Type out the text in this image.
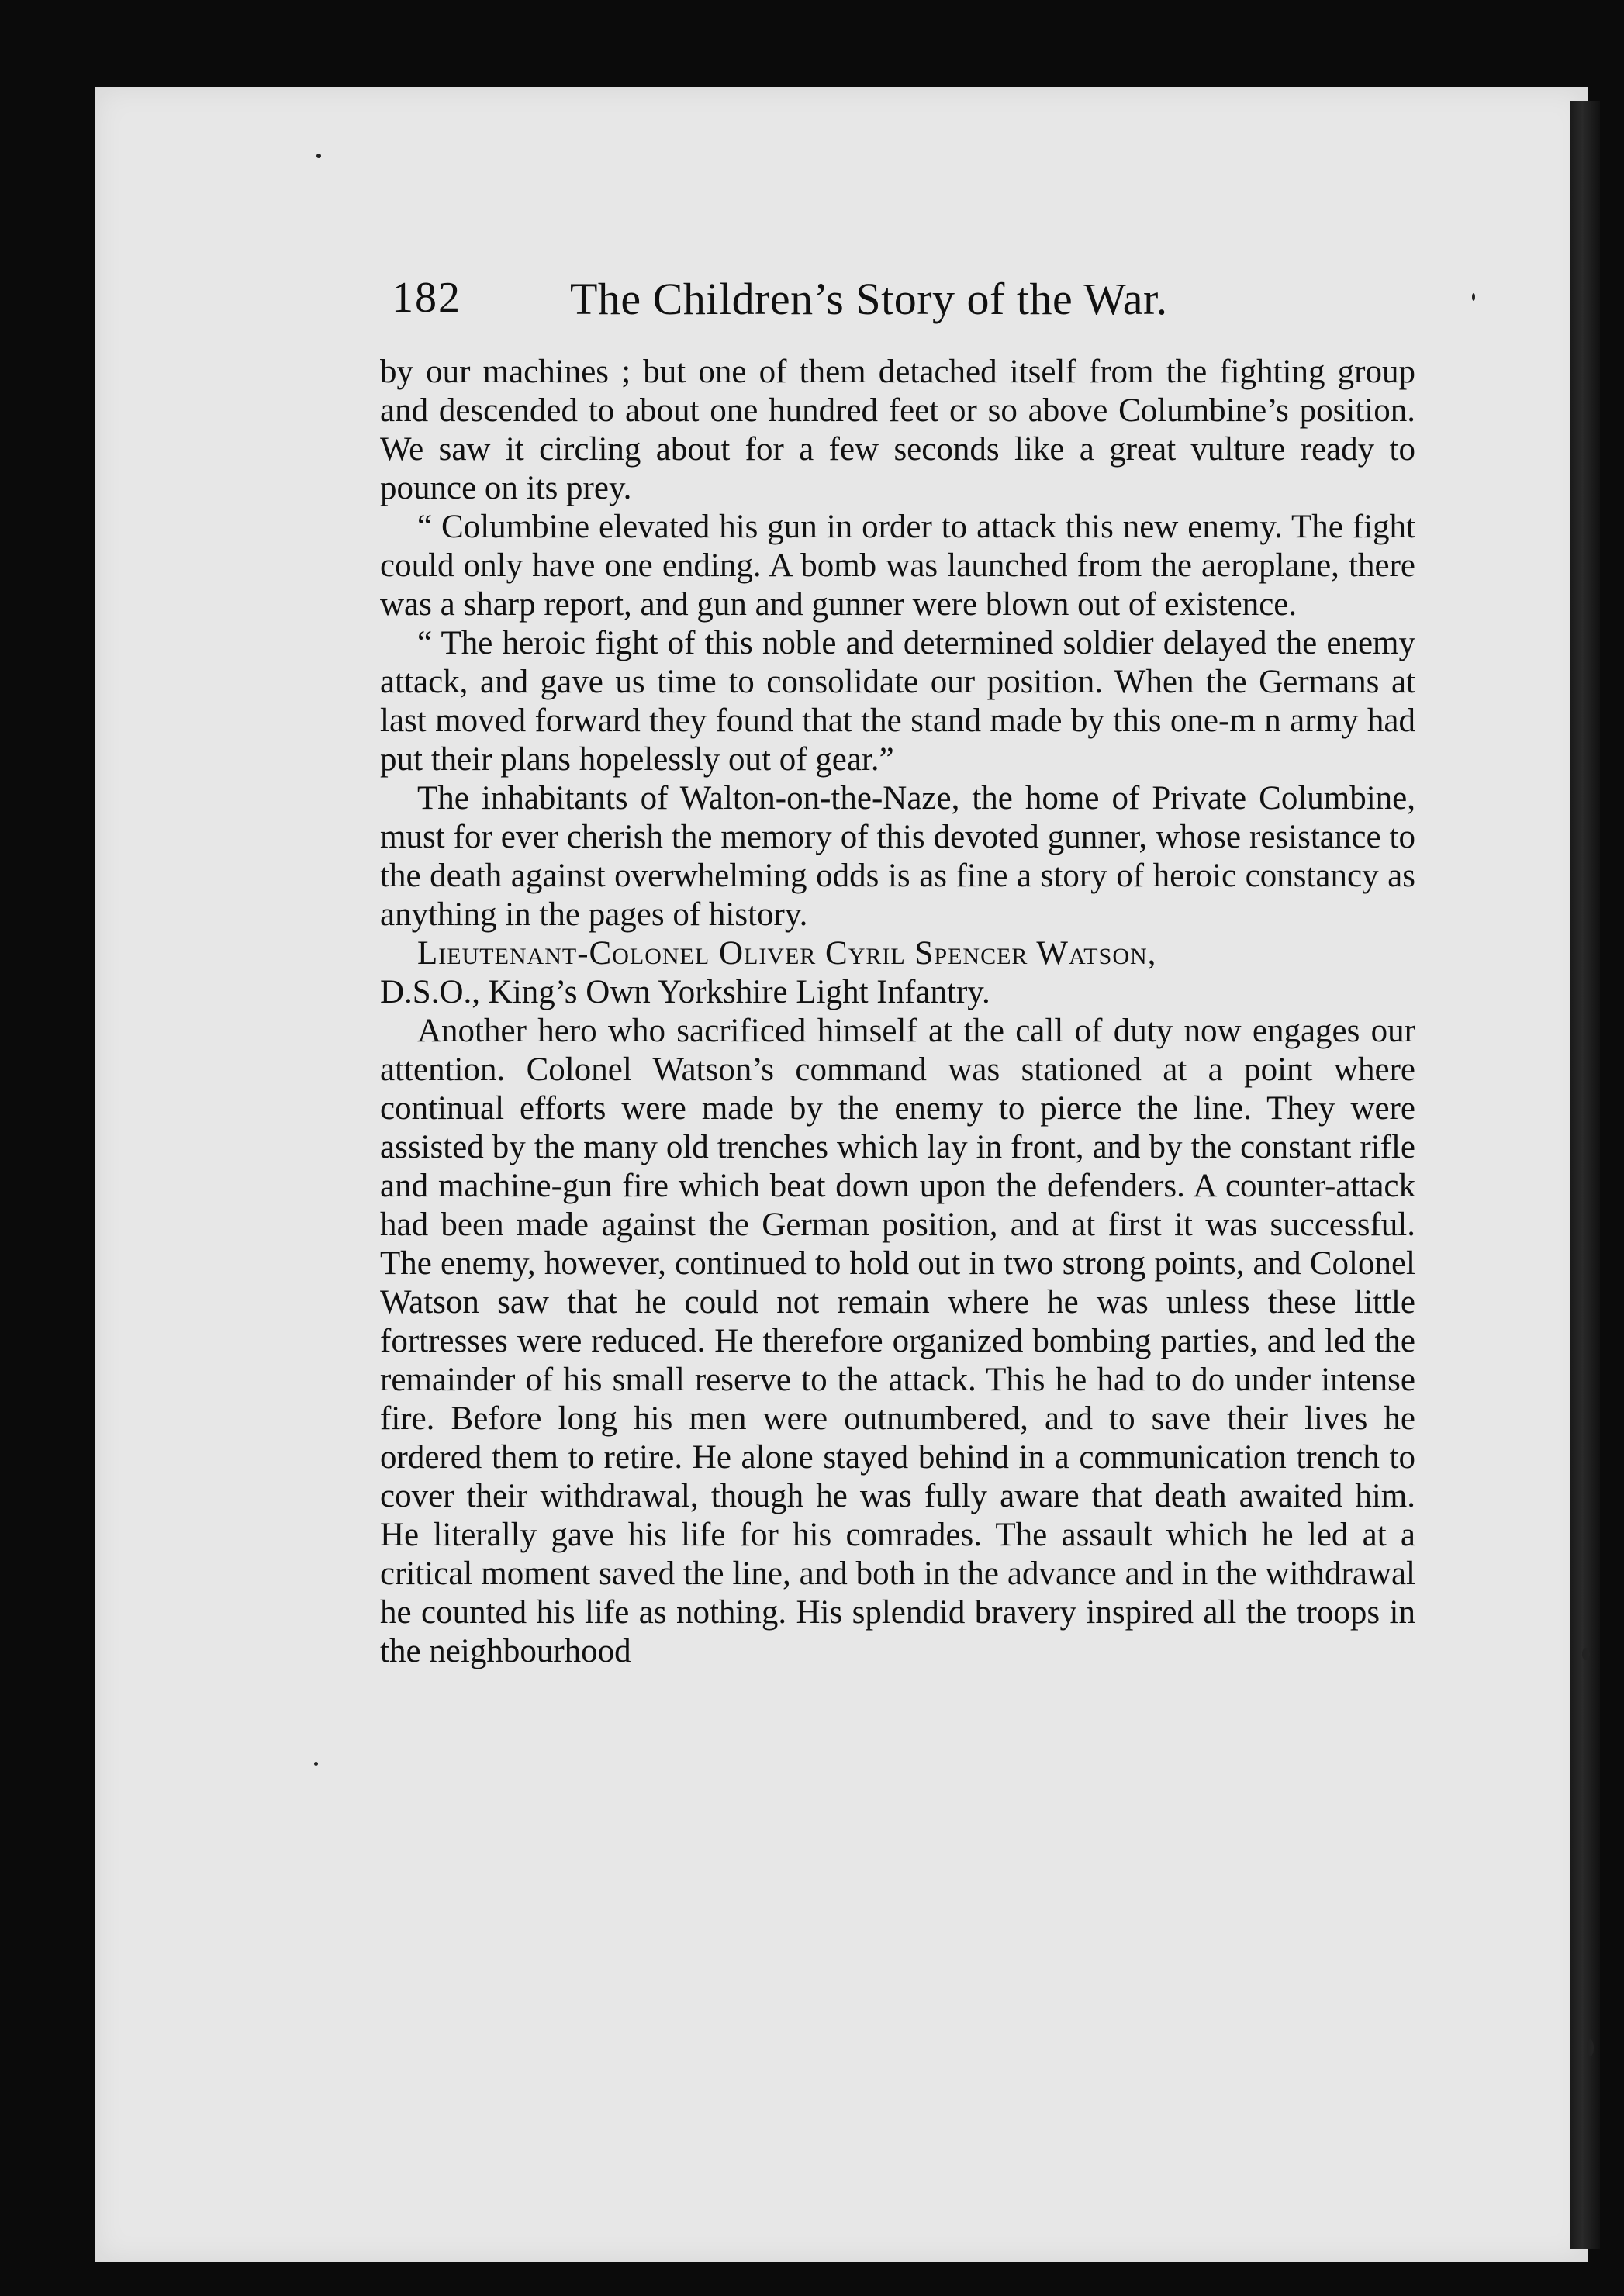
182 The Children’s Story of the War.

by our machines ; but one of them detached itself from the fighting group and descended to about one hundred feet or so above Columbine’s position. We saw it circling about for a few seconds like a great vulture ready to pounce on its prey.

“ Columbine elevated his gun in order to attack this new enemy. The fight could only have one ending. A bomb was launched from the aeroplane, there was a sharp report, and gun and gunner were blown out of existence.

“ The heroic fight of this noble and determined soldier delayed the enemy attack, and gave us time to consolidate our position. When the Germans at last moved forward they found that the stand made by this one-m n army had put their plans hopelessly out of gear.”

The inhabitants of Walton-on-the-Naze, the home of Private Columbine, must for ever cherish the memory of this devoted gunner, whose resistance to the death against overwhelming odds is as fine a story of heroic constancy as anything in the pages of history.

Lieutenant-Colonel Oliver Cyril Spencer Watson,
D.S.O., King’s Own Yorkshire Light Infantry.

Another hero who sacrificed himself at the call of duty now engages our attention. Colonel Watson’s command was stationed at a point where continual efforts were made by the enemy to pierce the line. They were assisted by the many old trenches which lay in front, and by the constant rifle and machine-gun fire which beat down upon the defenders. A counter-attack had been made against the German position, and at first it was successful. The enemy, however, continued to hold out in two strong points, and Colonel Watson saw that he could not remain where he was unless these little fortresses were reduced. He therefore organized bombing parties, and led the remainder of his small reserve to the attack. This he had to do under intense fire. Before long his men were outnumbered, and to save their lives he ordered them to retire. He alone stayed behind in a communication trench to cover their withdrawal, though he was fully aware that death awaited him. He literally gave his life for his comrades. The assault which he led at a critical moment saved the line, and both in the advance and in the withdrawal he counted his life as nothing. His splendid bravery inspired all the troops in the neighbourhood
